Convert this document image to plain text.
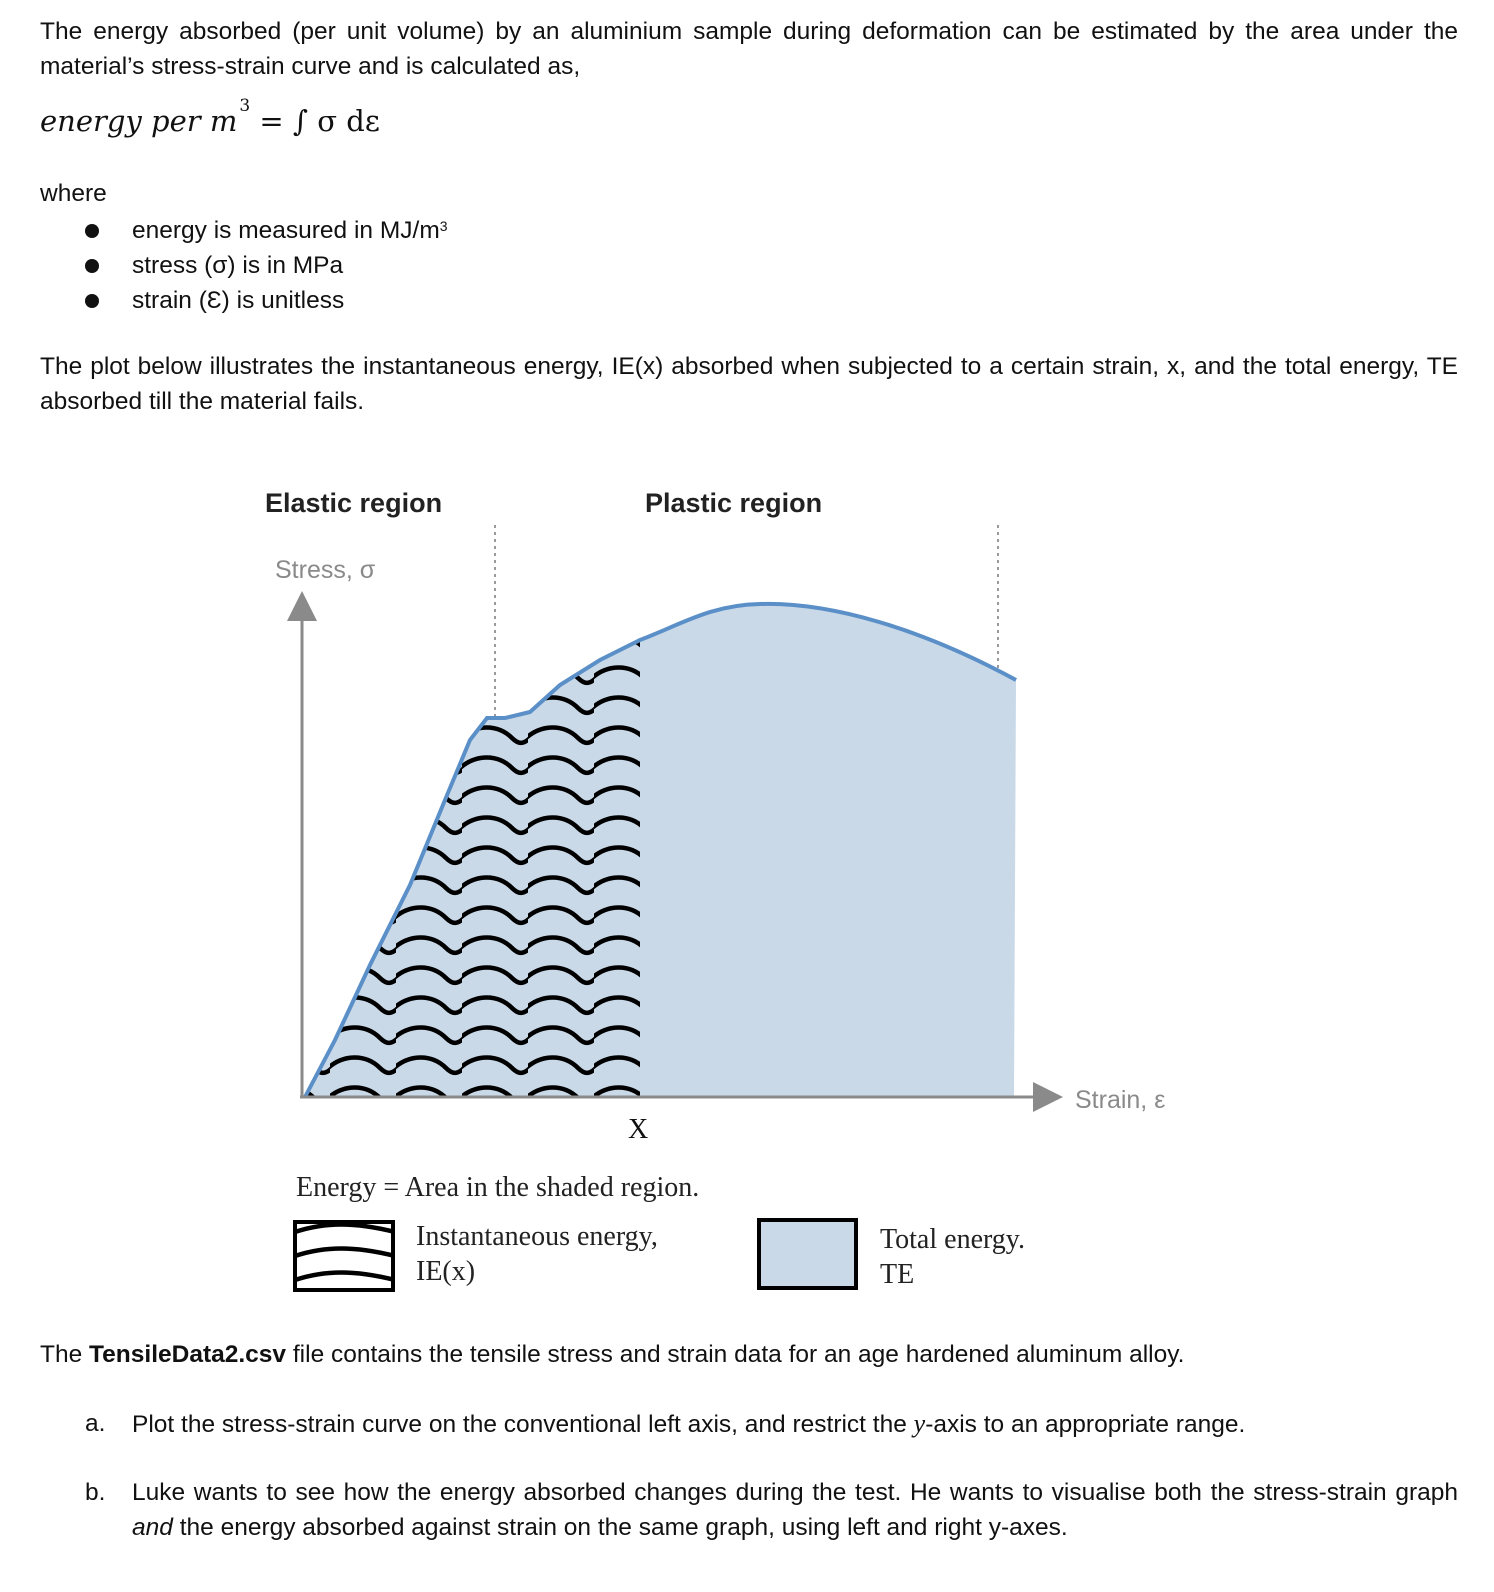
The energy absorbed (per unit volume) by an aluminium sample during deformation can be estimated by the area under the material’s stress-strain curve and is calculated as,

energy per m $^3$ = ∫ σ dε

where

energy is measured in $MJ/m^3$
stress (σ) is in MPa
strain (Ɛ) is unitless

The plot below illustrates the instantaneous energy, IE(x) absorbed when subjected to a certain strain, x, and the total energy, TE absorbed till the material fails.

Elastic region	Plastic region
Stress, σ
Strain, ε
X
Energy = Area in the shaded region.
Instantaneous energy,
IE(x)
Total energy.
TE

The TensileData2.csv file contains the tensile stress and strain data for an age hardened aluminum alloy.

a. Plot the stress-strain curve on the conventional left axis, and restrict the y-axis to an appropriate range.
b. Luke wants to see how the energy absorbed changes during the test. He wants to visualise both the stress-strain graph and the energy absorbed against strain on the same graph, using left and right y-axes.
